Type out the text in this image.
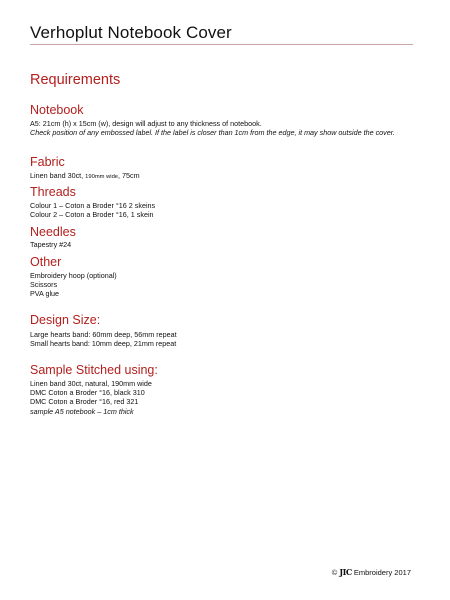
Verhoplut Notebook Cover
Requirements
Notebook
A5: 21cm (h) x 15cm (w), design will adjust to any thickness of notebook.
Check position of any embossed label. If the label is closer than 1cm from the edge, it may show outside the cover.
Fabric
Linen band 30ct, 190mm wide, 75cm
Threads
Colour 1 – Coton a Broder °16 2 skeins
Colour 2 – Coton a Broder °16, 1 skein
Needles
Tapestry #24
Other
Embroidery hoop (optional)
Scissors
PVA glue
Design Size:
Large hearts band: 60mm deep, 56mm repeat
Small hearts band: 10mm deep, 21mm repeat
Sample Stitched using:
Linen band 30ct, natural, 190mm wide
DMC Coton a Broder °16, black 310
DMC Coton a Broder °16, red 321
sample A5 notebook – 1cm thick
© JIC Embroidery 2017
